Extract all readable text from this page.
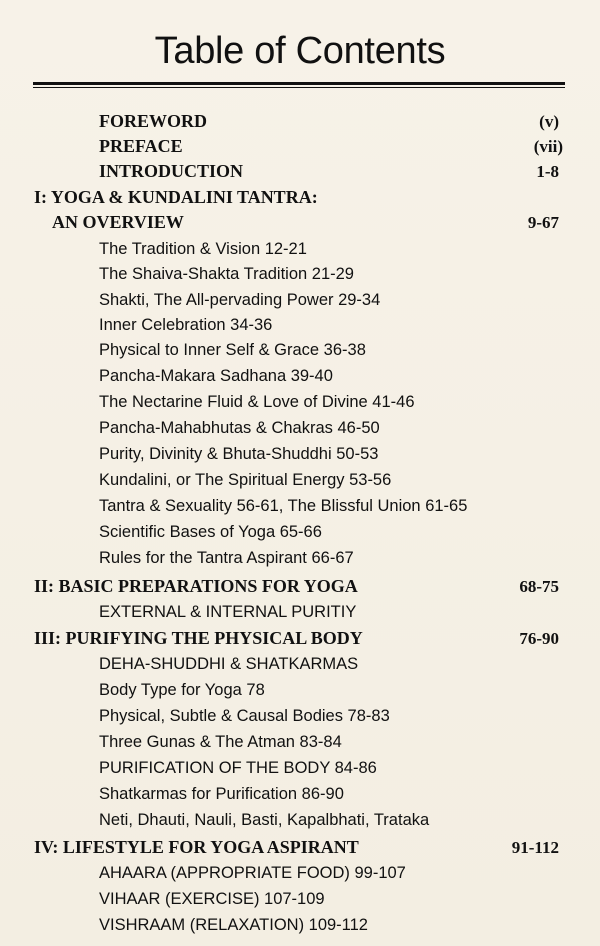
Table of Contents
FOREWORD	(v)
PREFACE	(vii)
INTRODUCTION	1-8
I: YOGA & KUNDALINI TANTRA:
AN OVERVIEW	9-67
The Tradition & Vision 12-21
The Shaiva-Shakta Tradition 21-29
Shakti, The All-pervading Power 29-34
Inner Celebration 34-36
Physical to Inner Self & Grace 36-38
Pancha-Makara Sadhana 39-40
The Nectarine Fluid & Love of Divine 41-46
Pancha-Mahabhutas & Chakras 46-50
Purity, Divinity & Bhuta-Shuddhi 50-53
Kundalini, or The Spiritual Energy 53-56
Tantra & Sexuality 56-61, The Blissful Union 61-65
Scientific Bases of Yoga 65-66
Rules for the Tantra Aspirant 66-67
II: BASIC PREPARATIONS FOR YOGA	68-75
EXTERNAL & INTERNAL PURITIY
III: PURIFYING THE PHYSICAL BODY	76-90
DEHA-SHUDDHI & SHATKARMAS
Body Type for Yoga 78
Physical, Subtle & Causal Bodies 78-83
Three Gunas & The Atman 83-84
PURIFICATION OF THE BODY 84-86
Shatkarmas for Purification 86-90
Neti, Dhauti, Nauli, Basti, Kapalbhati, Trataka
IV: LIFESTYLE FOR YOGA ASPIRANT	91-112
AHAARA (APPROPRIATE FOOD) 99-107
VIHAAR (EXERCISE) 107-109
VISHRAAM (RELAXATION) 109-112
